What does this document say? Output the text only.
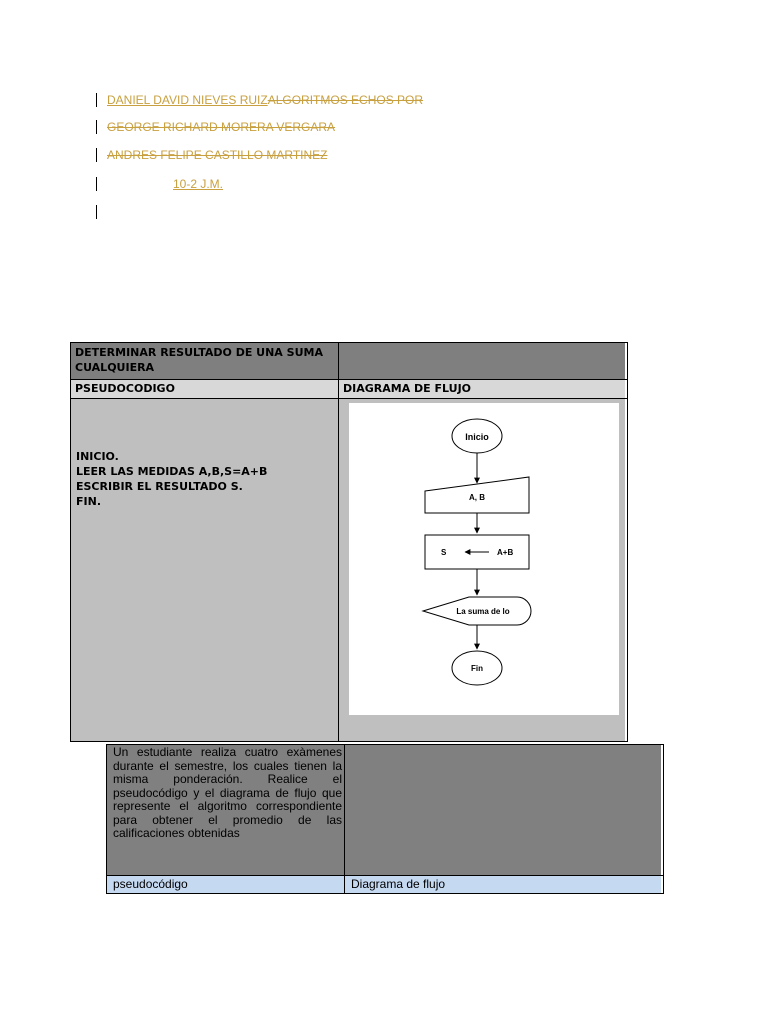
DANIEL DAVID NIEVES RUIZ ALGORITMOS ECHOS POR
GEORGE RICHARD MORERA VERGARA
ANDRES FELIPE CASTILLO MARTINEZ
10-2 J.M.
DETERMINAR RESULTADO DE UNA SUMA CUALQUIERA
PSEUDOCODIGO	DIAGRAMA DE FLUJO
INICIO.
LEER LAS MEDIDAS A,B,S=A+B
ESCRIBIR EL RESULTADO S.
FIN.
Inicio
A, B
S	A+B
La suma de lo
Fin
Un estudiante realiza cuatro exàmenes durante el semestre, los cuales tienen la misma ponderación. Realice el pseudocódigo y el diagrama de flujo que represente el algoritmo correspondiente para obtener el promedio de las calificaciones obtenidas
pseudocódigo	Diagrama de flujo
